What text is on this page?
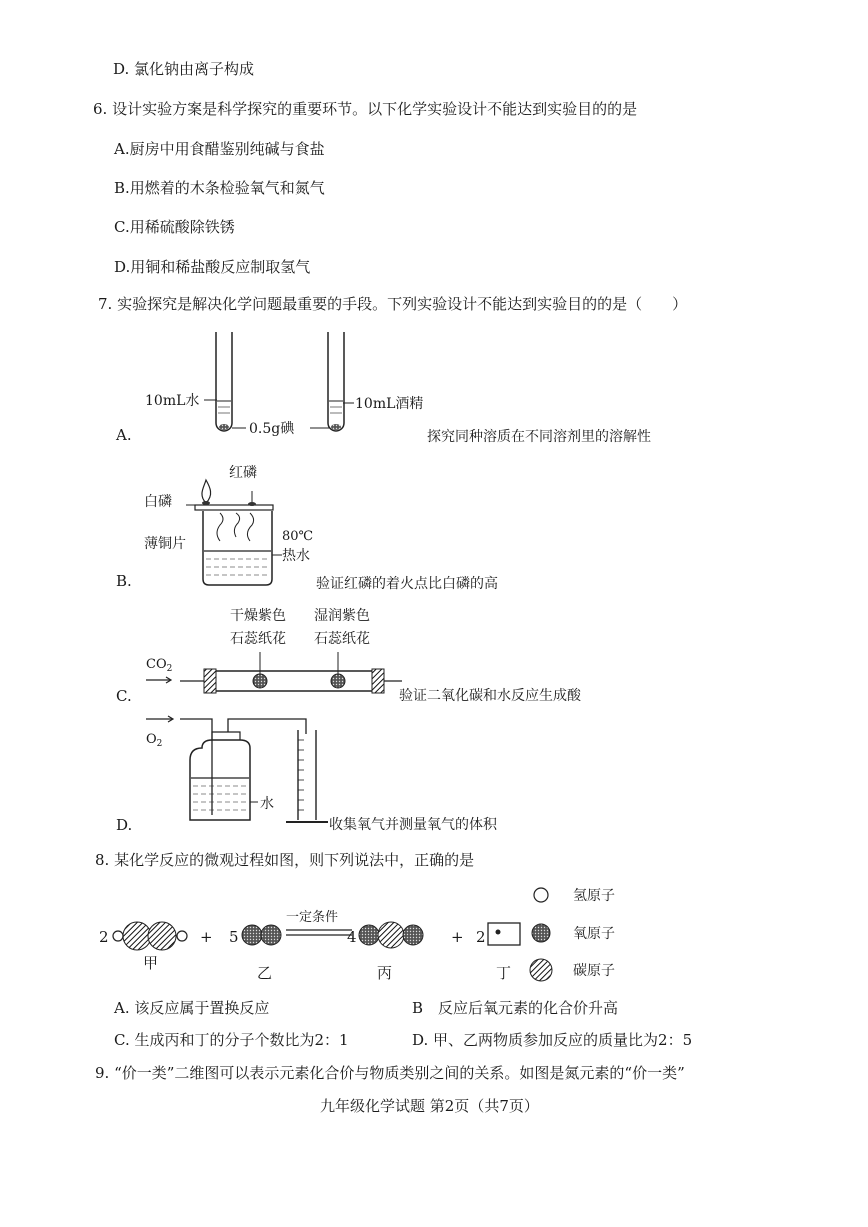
D. 氯化钠由离子构成
6. 设计实验方案是科学探究的重要环节。以下化学实验设计不能达到实验目的的是
A.厨房中用食醋鉴别纯碱与食盐
B.用燃着的木条检验氧气和氮气
C.用稀硫酸除铁锈
D.用铜和稀盐酸反应制取氢气
7. 实验探究是解决化学问题最重要的手段。下列实验设计不能达到实验目的的是（　　）
10mL水	10mL酒精
0.5g碘
A.	探究同种溶质在不同溶剂里的溶解性
红磷
白磷
薄铜片	80℃
热水
B.	验证红磷的着火点比白磷的高
干燥紫色
石蕊纸花
湿润紫色
石蕊纸花
$CO_2$
C.	验证二氧化碳和水反应生成酸
$O_2$
水
D.	收集氧气并测量氧气的体积
8. 某化学反应的微观过程如图，则下列说法中，正确的是
氢原子
氧原子
碳原子
2	+ 5
一定条件
4	+ 2
甲
乙	丙	丁
A. 该反应属于置换反应	B　反应后氧元素的化合价升高
C. 生成丙和丁的分子个数比为2：1	D. 甲、乙两物质参加反应的质量比为2：5
9. “价一类”二维图可以表示元素化合价与物质类别之间的关系。如图是氮元素的“价一类”
九年级化学试题 第2页（共7页）
